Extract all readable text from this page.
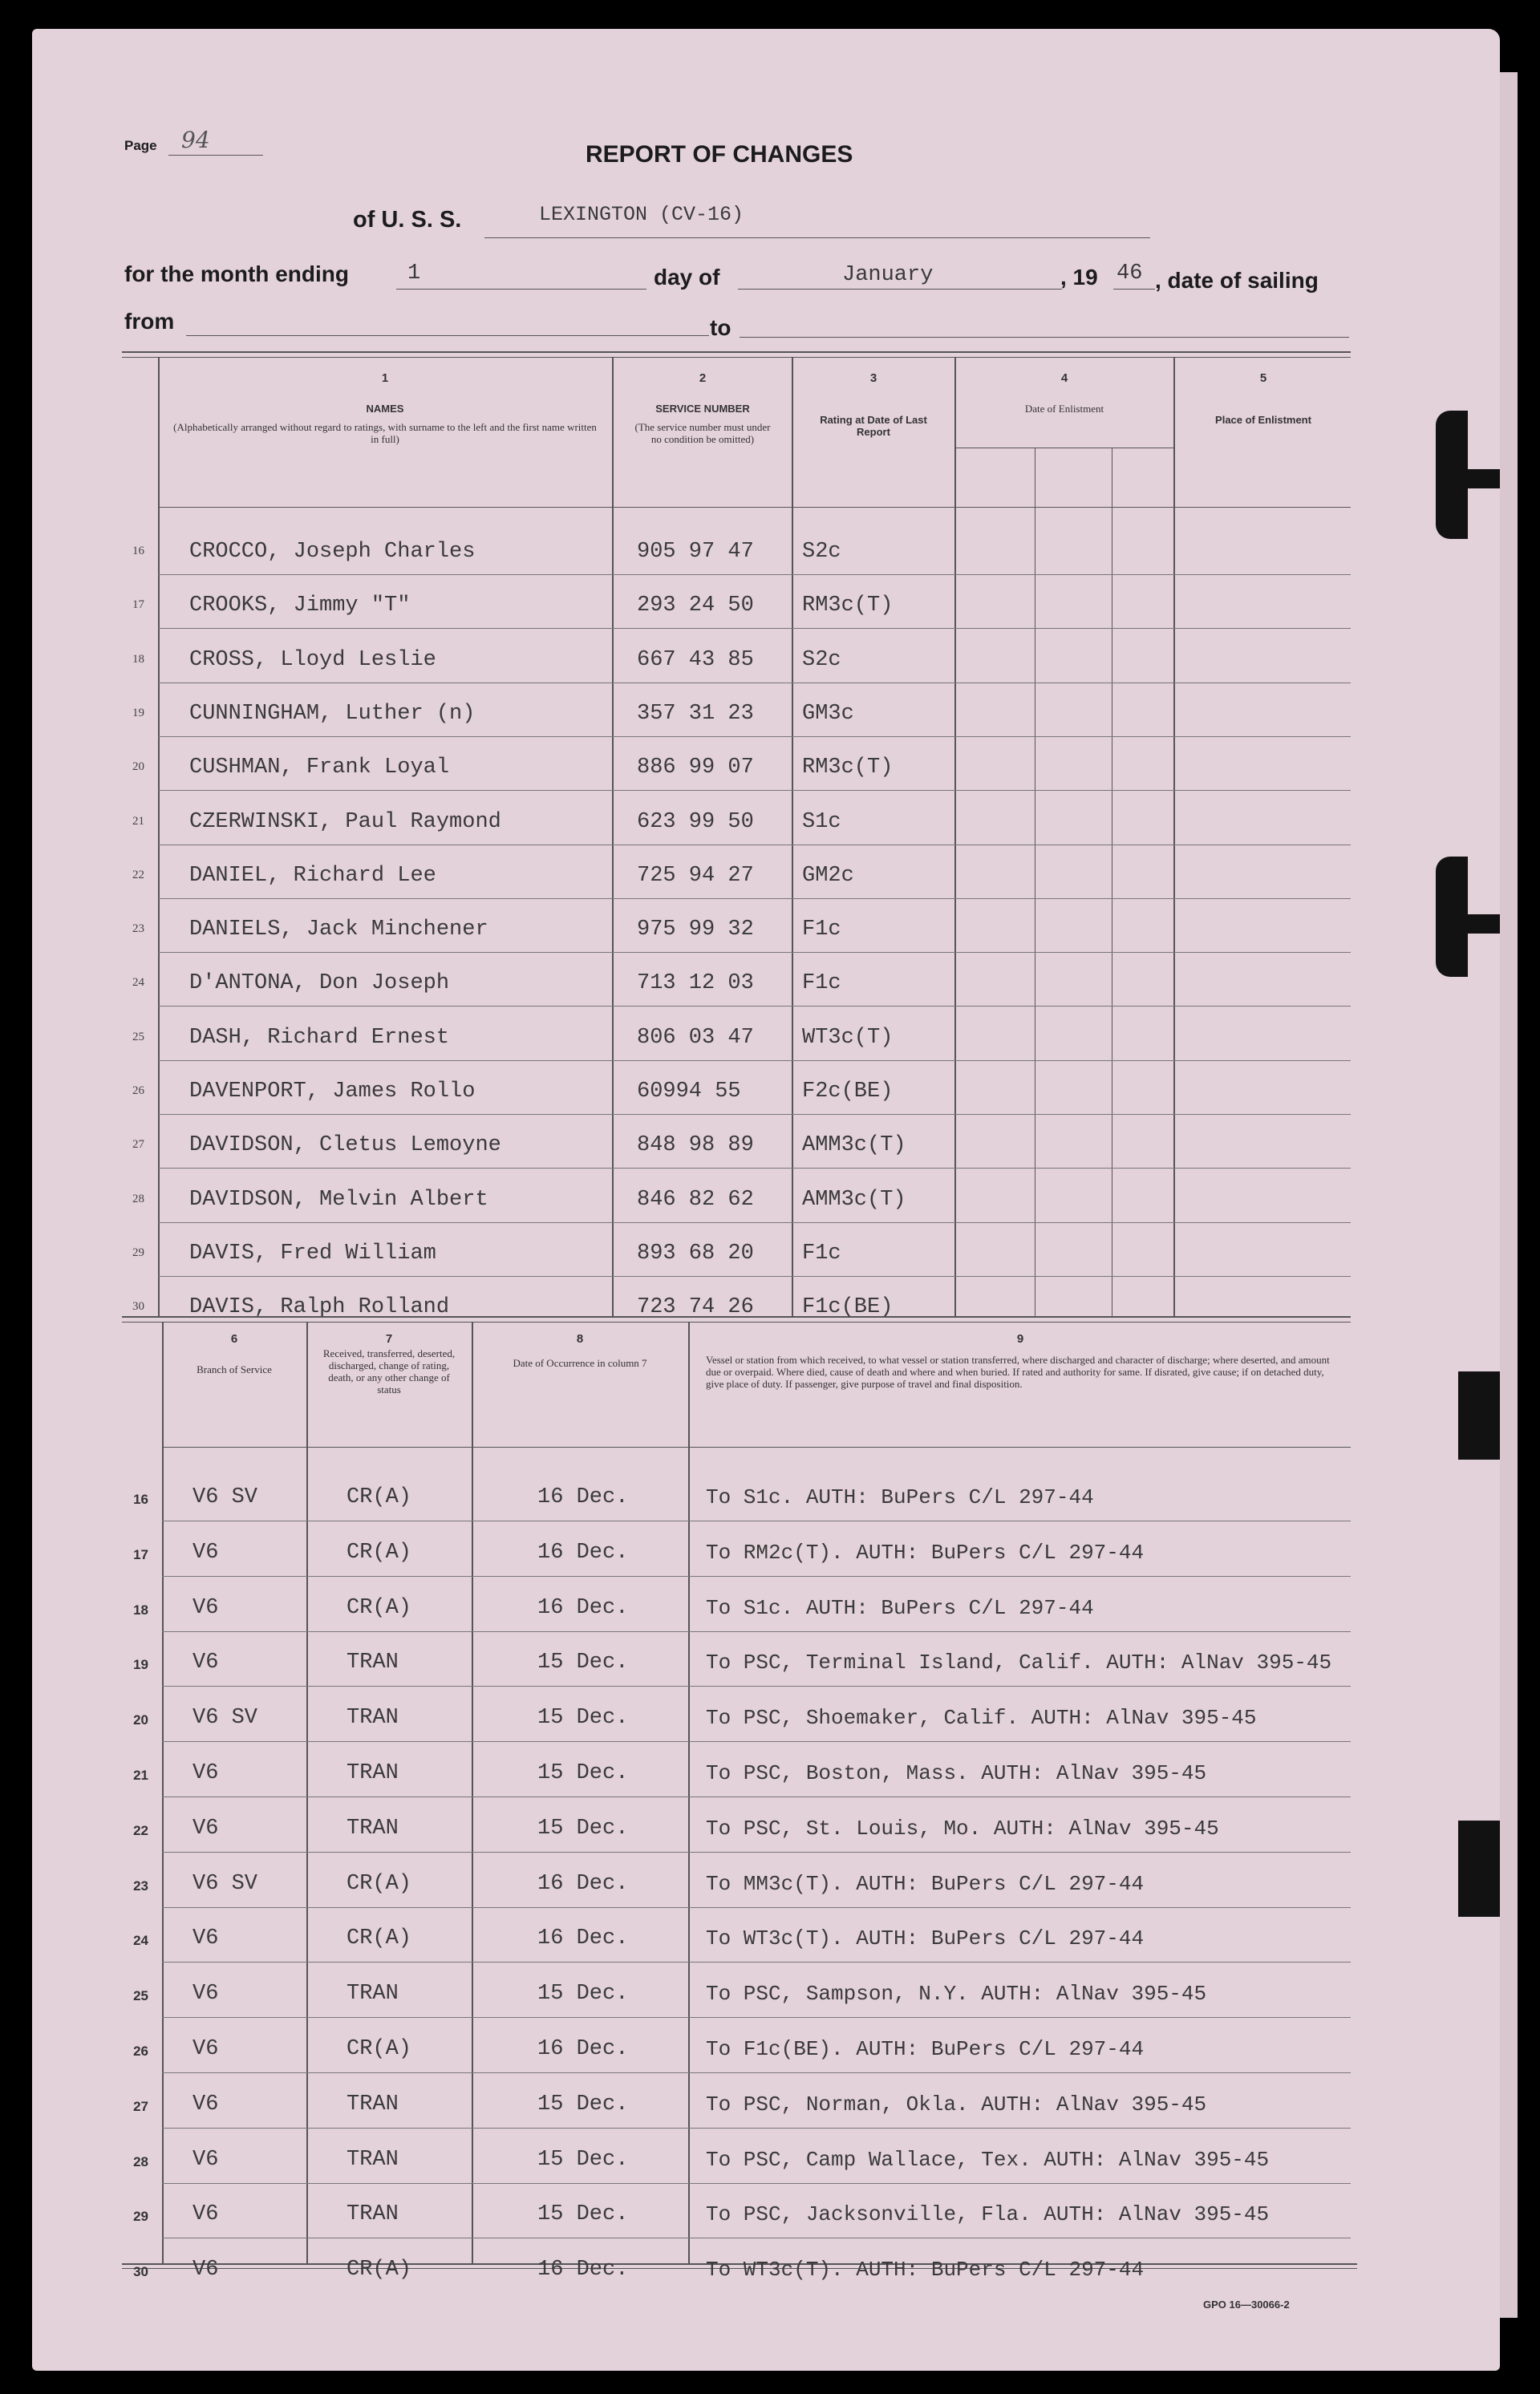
Page 94
REPORT OF CHANGES
of U. S. S.	LEXINGTON (CV-16)
for the month ending	1	day of	January	, 19 46 , date of sailing
from	to
1
NAMES
(Alphabetically arranged without regard to ratings, with surname to the left and the first name written in full)
2
SERVICE NUMBER
(The service number must under no condition be omitted)
3
Rating at Date of Last Report
4
Date of Enlistment
5
Place of Enlistment
16 CROCCO, Joseph Charles	905 97 47 S2c
17 CROOKS, Jimmy "T"	293 24 50 RM3c(T)
18 CROSS, Lloyd Leslie	667 43 85 S2c
19 CUNNINGHAM, Luther (n)	357 31 23 GM3c
20 CUSHMAN, Frank Loyal	886 99 07 RM3c(T)
21 CZERWINSKI, Paul Raymond	623 99 50 S1c
22 DANIEL, Richard Lee	725 94 27 GM2c
23 DANIELS, Jack Minchener	975 99 32 F1c
24 D'ANTONA, Don Joseph	713 12 03 F1c
25 DASH, Richard Ernest	806 03 47 WT3c(T)
26 DAVENPORT, James Rollo	60994 55	F2c(BE)
27 DAVIDSON, Cletus Lemoyne	848 98 89 AMM3c(T)
28 DAVIDSON, Melvin Albert	846 82 62 AMM3c(T)
29 DAVIS, Fred William	893 68 20 F1c
30 DAVIS, Ralph Rolland	723 74 26 F1c(BE)
6
Branch of Service
7
Received, transferred, deserted, discharged, change of rating, death, or any other change of status
8
Date of Occurrence in column 7
9
Vessel or station from which received, to what vessel or station transferred, where discharged and character of discharge; where deserted, and amount due or overpaid. Where died, cause of death and where and when buried. If rated and authority for same. If disrated, give cause; if on detached duty, give place of duty. If passenger, give purpose of travel and final disposition.
16 V6 SV	CR(A)	16 Dec.	To S1c. AUTH: BuPers C/L 297-44
17 V6	CR(A)	16 Dec.	To RM2c(T). AUTH: BuPers C/L 297-44
18 V6	CR(A)	16 Dec.	To S1c. AUTH: BuPers C/L 297-44
19 V6	TRAN	15 Dec.	To PSC, Terminal Island, Calif. AUTH: AlNav 395-45
20 V6 SV	TRAN	15 Dec.	To PSC, Shoemaker, Calif. AUTH: AlNav 395-45
21 V6	TRAN	15 Dec.	To PSC, Boston, Mass. AUTH: AlNav 395-45
22 V6	TRAN	15 Dec.	To PSC, St. Louis, Mo. AUTH: AlNav 395-45
23 V6 SV	CR(A)	16 Dec.	To MM3c(T). AUTH: BuPers C/L 297-44
24 V6	CR(A)	16 Dec.	To WT3c(T). AUTH: BuPers C/L 297-44
25 V6	TRAN	15 Dec.	To PSC, Sampson, N.Y. AUTH: AlNav 395-45
26 V6	CR(A)	16 Dec.	To F1c(BE). AUTH: BuPers C/L 297-44
27 V6	TRAN	15 Dec.	To PSC, Norman, Okla. AUTH: AlNav 395-45
28 V6	TRAN	15 Dec.	To PSC, Camp Wallace, Tex. AUTH: AlNav 395-45
29 V6	TRAN	15 Dec.	To PSC, Jacksonville, Fla. AUTH: AlNav 395-45
30 V6	CR(A)	16 Dec.	To WT3c(T). AUTH: BuPers C/L 297-44
GPO 16—30066-2
